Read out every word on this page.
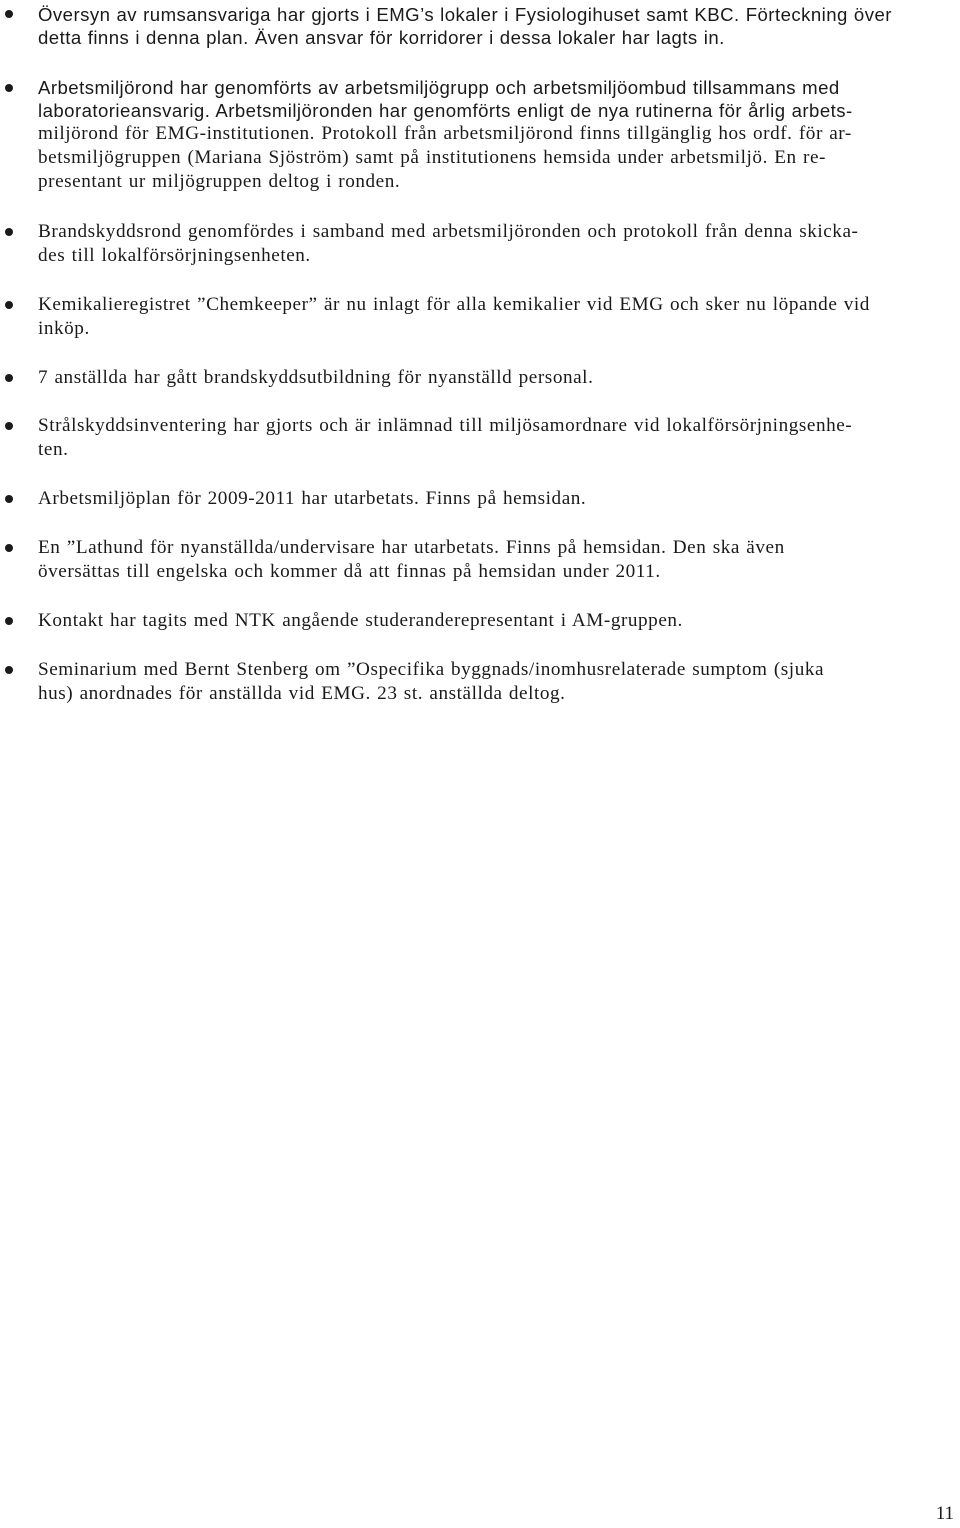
Översyn av rumsansvariga har gjorts i EMG’s lokaler i Fysiologihuset samt KBC. Förteckning över
detta finns i denna plan. Även ansvar för korridorer i dessa lokaler har lagts in.
Arbetsmiljörond har genomförts av arbetsmiljögrupp och arbetsmiljöombud tillsammans med
laboratorieansvarig. Arbetsmiljöronden har genomförts enligt de nya rutinerna för årlig arbets-
miljörond för EMG-institutionen. Protokoll från arbetsmiljörond finns tillgänglig hos ordf. för ar-
betsmiljögruppen (Mariana Sjöström) samt på institutionens hemsida under arbetsmiljö. En re-
presentant ur miljögruppen deltog i ronden.
Brandskyddsrond genomfördes i samband med arbetsmiljöronden och protokoll från denna skicka-
des till lokalförsörjningsenheten.
Kemikalieregistret ”Chemkeeper” är nu inlagt för alla kemikalier vid EMG och sker nu löpande vid
inköp.
7 anställda har gått brandskyddsutbildning för nyanställd personal.
Strålskyddsinventering har gjorts och är inlämnad till miljösamordnare vid lokalförsörjningsenhe-
ten.
Arbetsmiljöplan för 2009-2011 har utarbetats. Finns på hemsidan.
En ”Lathund för nyanställda/undervisare har utarbetats. Finns på hemsidan. Den ska även
översättas till engelska och kommer då att finnas på hemsidan under 2011.
Kontakt har tagits med NTK angående studeranderepresentant i AM-gruppen.
Seminarium med Bernt Stenberg om ”Ospecifika byggnads/inomhusrelaterade sumptom (sjuka
hus) anordnades för anställda vid EMG. 23 st. anställda deltog.
11
